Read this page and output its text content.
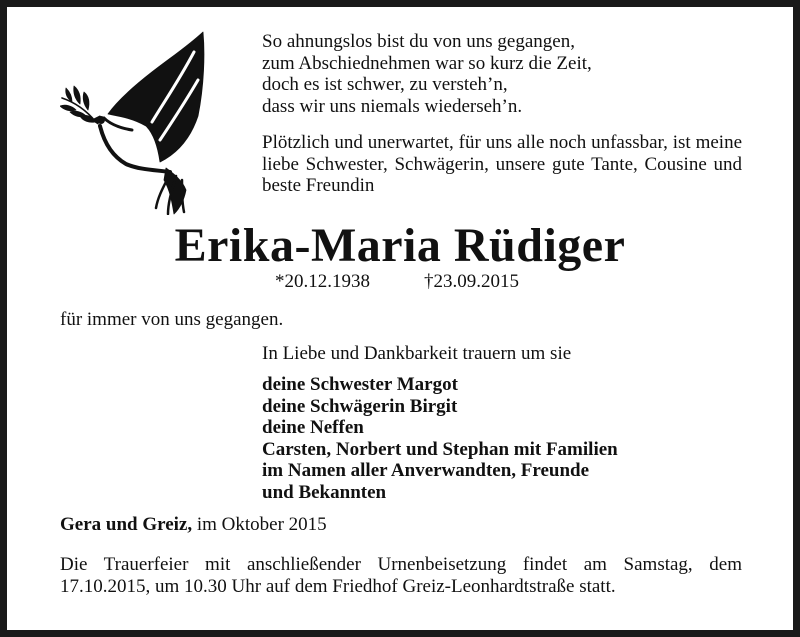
So ahnungslos bist du von uns gegangen,
zum Abschiednehmen war so kurz die Zeit,
doch es ist schwer, zu versteh’n,
dass wir uns niemals wiederseh’n.
Plötzlich und unerwartet, für uns alle noch unfassbar, ist meine liebe Schwester, Schwägerin, unsere gute Tante, Cousine und beste Freundin
Erika-Maria Rüdiger
*20.12.1938	†23.09.2015
für immer von uns gegangen.
In Liebe und Dankbarkeit trauern um sie
deine Schwester Margot
deine Schwägerin Birgit
deine Neffen
Carsten, Norbert und Stephan mit Familien
im Namen aller Anverwandten, Freunde
und Bekannten
Gera und Greiz, im Oktober 2015
Die Trauerfeier mit anschließender Urnenbeisetzung findet am Samstag, dem 17.10.2015, um 10.30 Uhr auf dem Friedhof Greiz-Leonhardtstraße statt.
